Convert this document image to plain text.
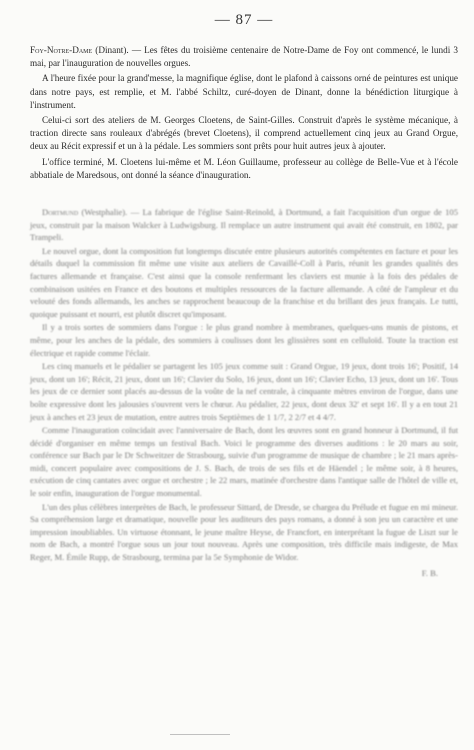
— 87 —

Foy-Notre-Dame (Dinant). — Les fêtes du troisième centenaire de Notre-Dame de Foy ont commencé, le lundi 3 mai, par l'inauguration de nouvelles orgues.

A l'heure fixée pour la grand'messe, la magnifique église, dont le plafond à caissons orné de peintures est unique dans notre pays, est remplie, et M. l'abbé Schiltz, curé-doyen de Dinant, donne la bénédiction liturgique à l'instrument.

Celui-ci sort des ateliers de M. Georges Cloetens, de Saint-Gilles. Construit d'après le système mécanique, à traction directe sans rouleaux d'abrégés (brevet Cloetens), il comprend actuellement cinq jeux au Grand Orgue, deux au Récit expressif et un à la pédale. Les sommiers sont prêts pour huit autres jeux à ajouter.

L'office terminé, M. Cloetens lui-même et M. Léon Guillaume, professeur au collège de Belle-Vue et à l'école abbatiale de Maredsous, ont donné la séance d'inauguration.

Dortmund (Westphalie). — La fabrique de l'église Saint-Reinold, à Dortmund, a fait l'acquisition d'un orgue de 105 jeux, construit par la maison Walcker à Ludwigsburg. Il remplace un autre instrument qui avait été construit, en 1802, par Trampeli.

Le nouvel orgue, dont la composition fut longtemps discutée entre plusieurs autorités compétentes en facture et pour les détails duquel la commission fit même une visite aux ateliers de Cavaillé-Coll à Paris, réunit les grandes qualités des factures allemande et française. C'est ainsi que la console renfermant les claviers est munie à la fois des pédales de combinaison usitées en France et des boutons et multiples ressources de la facture allemande. A côté de l'ampleur et du velouté des fonds allemands, les anches se rapprochent beaucoup de la franchise et du brillant des jeux français. Le tutti, quoique puissant et nourri, est plutôt discret qu'imposant.

Il y a trois sortes de sommiers dans l'orgue : le plus grand nombre à membranes, quelques-uns munis de pistons, et même, pour les anches de la pédale, des sommiers à coulisses dont les glissières sont en celluloïd. Toute la traction est électrique et rapide comme l'éclair.

Les cinq manuels et le pédalier se partagent les 105 jeux comme suit : Grand Orgue, 19 jeux, dont trois 16'; Positif, 14 jeux, dont un 16'; Récit, 21 jeux, dont un 16'; Clavier du Solo, 16 jeux, dont un 16'; Clavier Echo, 13 jeux, dont un 16'. Tous les jeux de ce dernier sont placés au-dessus de la voûte de la nef centrale, à cinquante mètres environ de l'orgue, dans une boîte expressive dont les jalousies s'ouvrent vers le chœur. Au pédalier, 22 jeux, dont deux 32' et sept 16'. Il y a en tout 21 jeux à anches et 23 jeux de mutation, entre autres trois Septièmes de 1 1/7, 2 2/7 et 4 4/7.

Comme l'inauguration coïncidait avec l'anniversaire de Bach, dont les œuvres sont en grand honneur à Dortmund, il fut décidé d'organiser en même temps un festival Bach. Voici le programme des diverses auditions : le 20 mars au soir, conférence sur Bach par le Dr Schweitzer de Strasbourg, suivie d'un programme de musique de chambre ; le 21 mars après-midi, concert populaire avec compositions de J. S. Bach, de trois de ses fils et de Häendel ; le même soir, à 8 heures, exécution de cinq cantates avec orgue et orchestre ; le 22 mars, matinée d'orchestre dans l'antique salle de l'hôtel de ville et, le soir enfin, inauguration de l'orgue monumental.

L'un des plus célèbres interprètes de Bach, le professeur Sittard, de Dresde, se chargea du Prélude et fugue en mi mineur. Sa compréhension large et dramatique, nouvelle pour les auditeurs des pays romans, a donné à son jeu un caractère et une impression inoubliables. Un virtuose étonnant, le jeune maître Heyse, de Francfort, en interprétant la fugue de Liszt sur le nom de Bach, a montré l'orgue sous un jour tout nouveau. Après une composition, très difficile mais indigeste, de Max Reger, M. Émile Rupp, de Strasbourg, termina par la 5e Symphonie de Widor.

F. B.
